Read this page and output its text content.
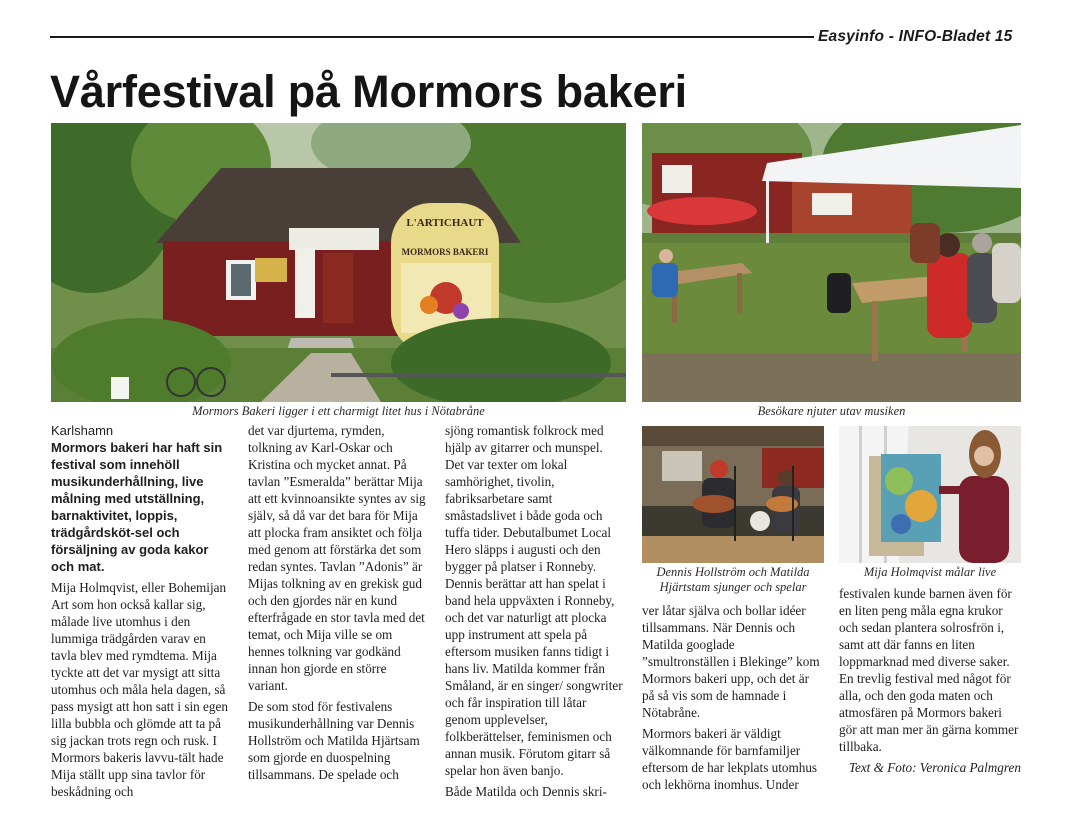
Easyinfo - INFO-Bladet 15
Vårfestival på Mormors bakeri
L'ARTICHAUT
MORMORS BAKERI
Mormors Bakeri ligger i ett charmigt litet hus i Nötabråne	Besökare njuter utav musiken
Dennis Hollström och Matilda Hjärtstam sjunger och spelar
Mija Holmqvist målar live
Karlshamn
Mormors bakeri har haft sin festival som innehöll musikunderhållning, live målning med utställning, barnaktivitet, loppis, trädgårdsköt-sel och försäljning av goda kakor och mat.

Mija Holmqvist, eller Bohemijan Art som hon också kallar sig, målade live utomhus i den lummiga trädgården varav en tavla blev med rymdtema. Mija tyckte att det var mysigt att sitta utomhus och måla hela dagen, så pass mysigt att hon satt i sin egen lilla bubbla och glömde att ta på sig jackan trots regn och rusk. I Mormors bakeris lavvu-tält hade Mija ställt upp sina tavlor för beskådning och

det var djurtema, rymden, tolkning av Karl-Oskar och Kristina och mycket annat. På tavlan ”Esmeralda” berättar Mija att ett kvinnoansikte syntes av sig själv, så då var det bara för Mija att plocka fram ansiktet och följa med genom att förstärka det som redan syntes. Tavlan ”Adonis” är Mijas tolkning av en grekisk gud och den gjordes när en kund efterfrågade en stor tavla med det temat, och Mija ville se om hennes tolkning var godkänd innan hon gjorde en större variant.

De som stod för festivalens musikunderhållning var Dennis Hollström och Matilda Hjärtsam som gjorde en duospelning tillsammans. De spelade och

sjöng romantisk folkrock med hjälp av gitarrer och munspel. Det var texter om lokal samhörighet, tivolin, fabriksarbetare samt småstadslivet i både goda och tuffa tider. Debutalbumet Local Hero släpps i augusti och den bygger på platser i Ronneby. Dennis berättar att han spelat i band hela uppväxten i Ronneby, och det var naturligt att plocka upp instrument att spela på eftersom musiken fanns tidigt i hans liv. Matilda kommer från Småland, är en singer/ songwriter och får inspiration till låtar genom upplevelser, folkberättelser, feminismen och annan musik. Förutom gitarr så spelar hon även banjo.

Både Matilda och Dennis skri-

ver låtar själva och bollar idéer tillsammans. När Dennis och Matilda googlade ”smultronställen i Blekinge” kom Mormors bakeri upp, och det är på så vis som de hamnade i Nötabråne.

Mormors bakeri är väldigt välkomnande för barnfamiljer eftersom de har lekplats utomhus och lekhörna inomhus. Under

festivalen kunde barnen även för en liten peng måla egna krukor och sedan plantera solrosfrön i, samt att där fanns en liten loppmarknad med diverse saker. En trevlig festival med något för alla, och den goda maten och atmosfären på Mormors bakeri gör att man mer än gärna kommer tillbaka.

Text & Foto: Veronica Palmgren
